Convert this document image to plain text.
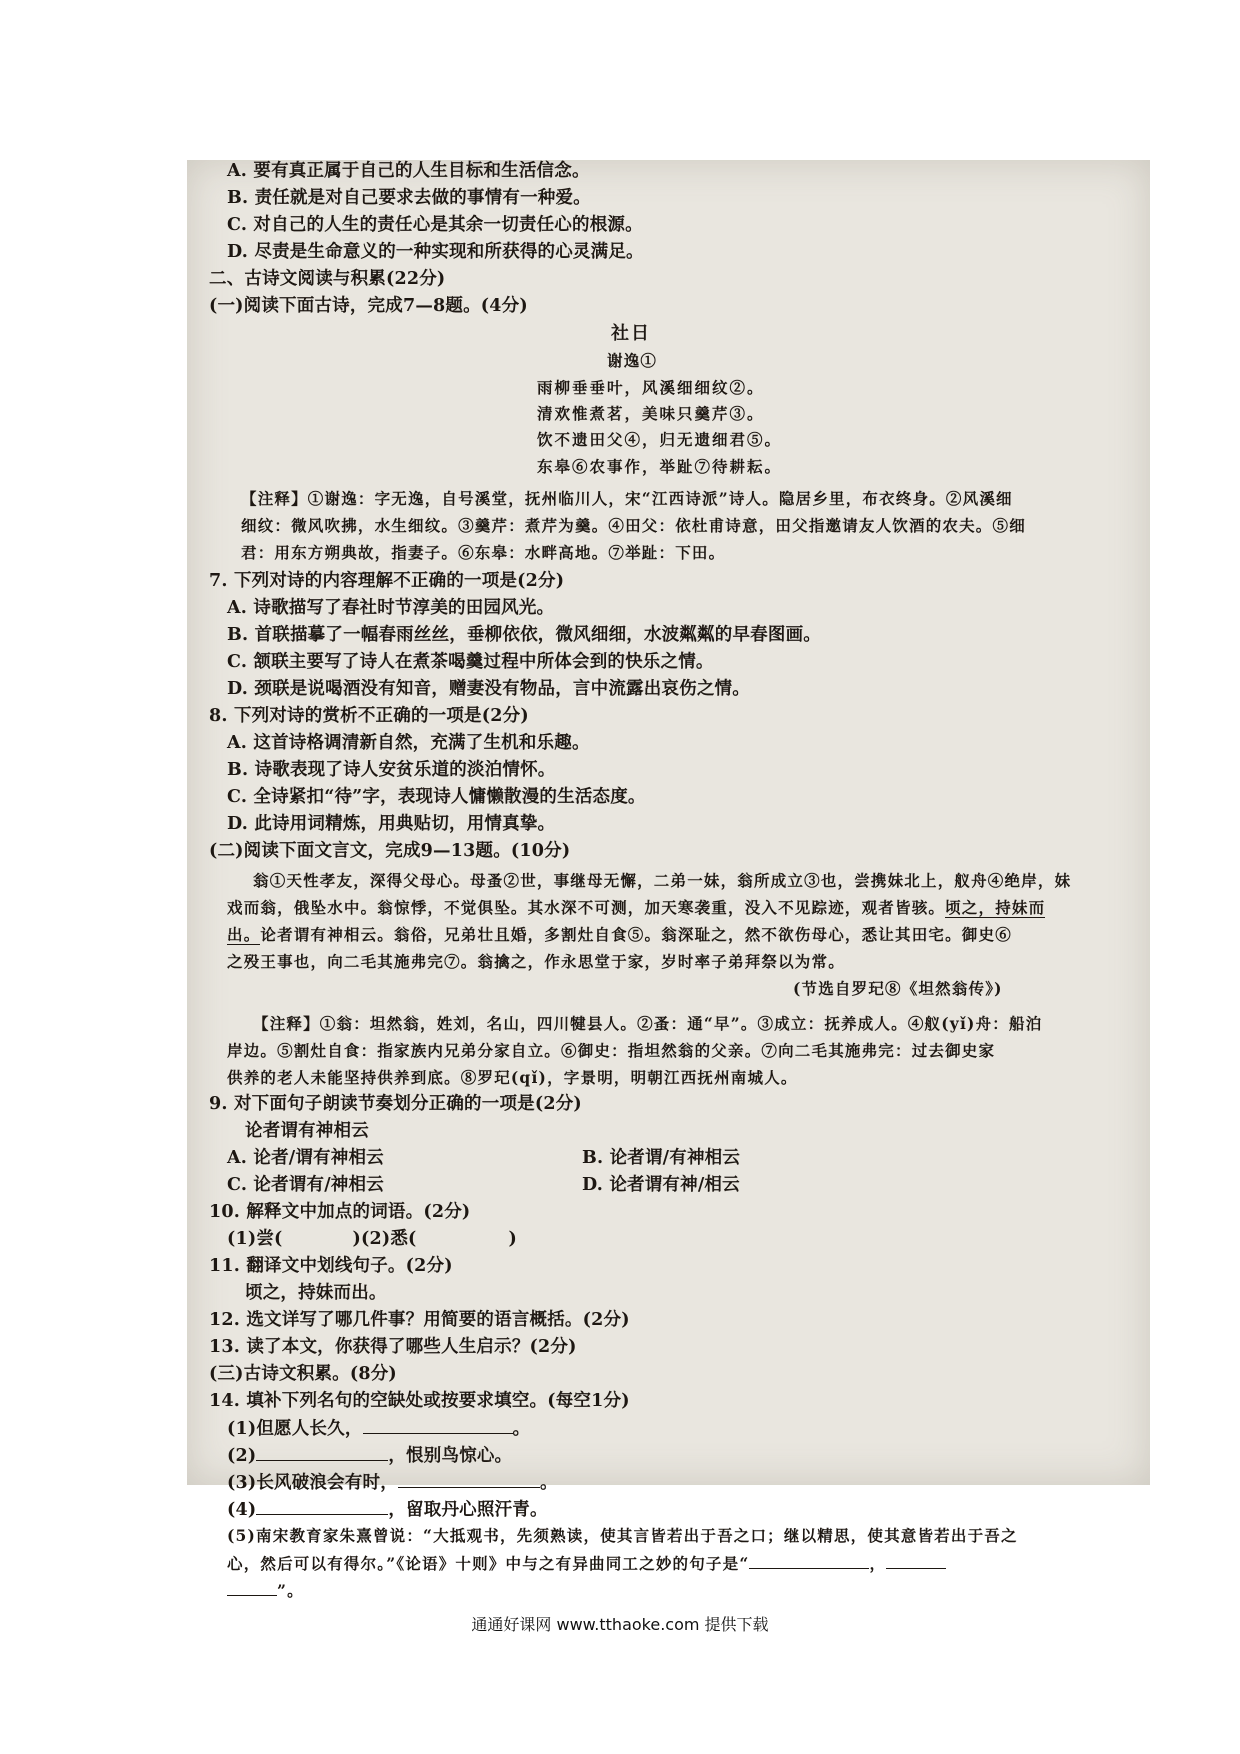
A. 要有真正属于自己的人生目标和生活信念。
B. 责任就是对自己要求去做的事情有一种爱。
C. 对自己的人生的责任心是其余一切责任心的根源。
D. 尽责是生命意义的一种实现和所获得的心灵满足。
二、古诗文阅读与积累(22分)
(一)阅读下面古诗，完成7—8题。(4分)
社日
谢逸①
雨柳垂垂叶，风溪细细纹②。
清欢惟煮茗，美味只羹芹③。
饮不遗田父④，归无遗细君⑤。
东皋⑥农事作，举趾⑦待耕耘。
【注释】①谢逸：字无逸，自号溪堂，抚州临川人，宋“江西诗派”诗人。隐居乡里，布衣终身。②风溪细
细纹：微风吹拂，水生细纹。③羹芹：煮芹为羹。④田父：依杜甫诗意，田父指邀请友人饮酒的农夫。⑤细
君：用东方朔典故，指妻子。⑥东皋：水畔高地。⑦举趾：下田。
7. 下列对诗的内容理解不正确的一项是(2分)
A. 诗歌描写了春社时节淳美的田园风光。
B. 首联描摹了一幅春雨丝丝，垂柳依依，微风细细，水波粼粼的早春图画。
C. 颔联主要写了诗人在煮茶喝羹过程中所体会到的快乐之情。
D. 颈联是说喝酒没有知音，赠妻没有物品，言中流露出哀伤之情。
8. 下列对诗的赏析不正确的一项是(2分)
A. 这首诗格调清新自然，充满了生机和乐趣。
B. 诗歌表现了诗人安贫乐道的淡泊情怀。
C. 全诗紧扣“待”字，表现诗人慵懒散漫的生活态度。
D. 此诗用词精炼，用典贴切，用情真挚。
(二)阅读下面文言文，完成9—13题。(10分)
翁①天性孝友，深得父母心。母蚤②世，事继母无懈，二弟一妹，翁所成立③也，尝携妹北上，舣舟④绝岸，妹
戏而翁，俄坠水中。翁惊悸，不觉俱坠。其水深不可测，加天寒袭重，没入不见踪迹，观者皆骇。顷之，持妹而
出。论者谓有神相云。翁俗，兄弟壮且婚，多割灶自食⑤。翁深耻之，然不欲伤母心，悉让其田宅。御史⑥
之殁王事也，向二毛其施弗完⑦。翁擒之，作永思堂于家，岁时率子弟拜祭以为常。
(节选自罗玘⑧《坦然翁传》)
【注释】①翁：坦然翁，姓刘，名山，四川犍县人。②蚤：通“早”。③成立：抚养成人。④舣(yǐ)舟：船泊
岸边。⑤割灶自食：指家族内兄弟分家自立。⑥御史：指坦然翁的父亲。⑦向二毛其施弗完：过去御史家
供养的老人未能坚持供养到底。⑧罗玘(qǐ)，字景明，明朝江西抚州南城人。
9. 对下面句子朗读节奏划分正确的一项是(2分)
论者谓有神相云
A. 论者/谓有神相云	B. 论者谓/有神相云
C. 论者谓有/神相云	D. 论者谓有神/相云
10. 解释文中加点的词语。(2分)
(1)尝(	)(2)悉(	)
11. 翻译文中划线句子。(2分)
顷之，持妹而出。
12. 选文详写了哪几件事？用简要的语言概括。(2分)
13. 读了本文，你获得了哪些人生启示？(2分)
(三)古诗文积累。(8分)
14. 填补下列名句的空缺处或按要求填空。(每空1分)
(1)但愿人长久，	。
(2)	，恨别鸟惊心。
(3)长风破浪会有时，	。
(4)	，留取丹心照汗青。
(5)南宋教育家朱熹曾说：“大抵观书，先须熟读，使其言皆若出于吾之口；继以精思，使其意皆若出于吾之
心，然后可以有得尔。”《论语》十则》中与之有异曲同工之妙的句子是“	，
”。
通通好课网 www.tthaoke.com 提供下载
